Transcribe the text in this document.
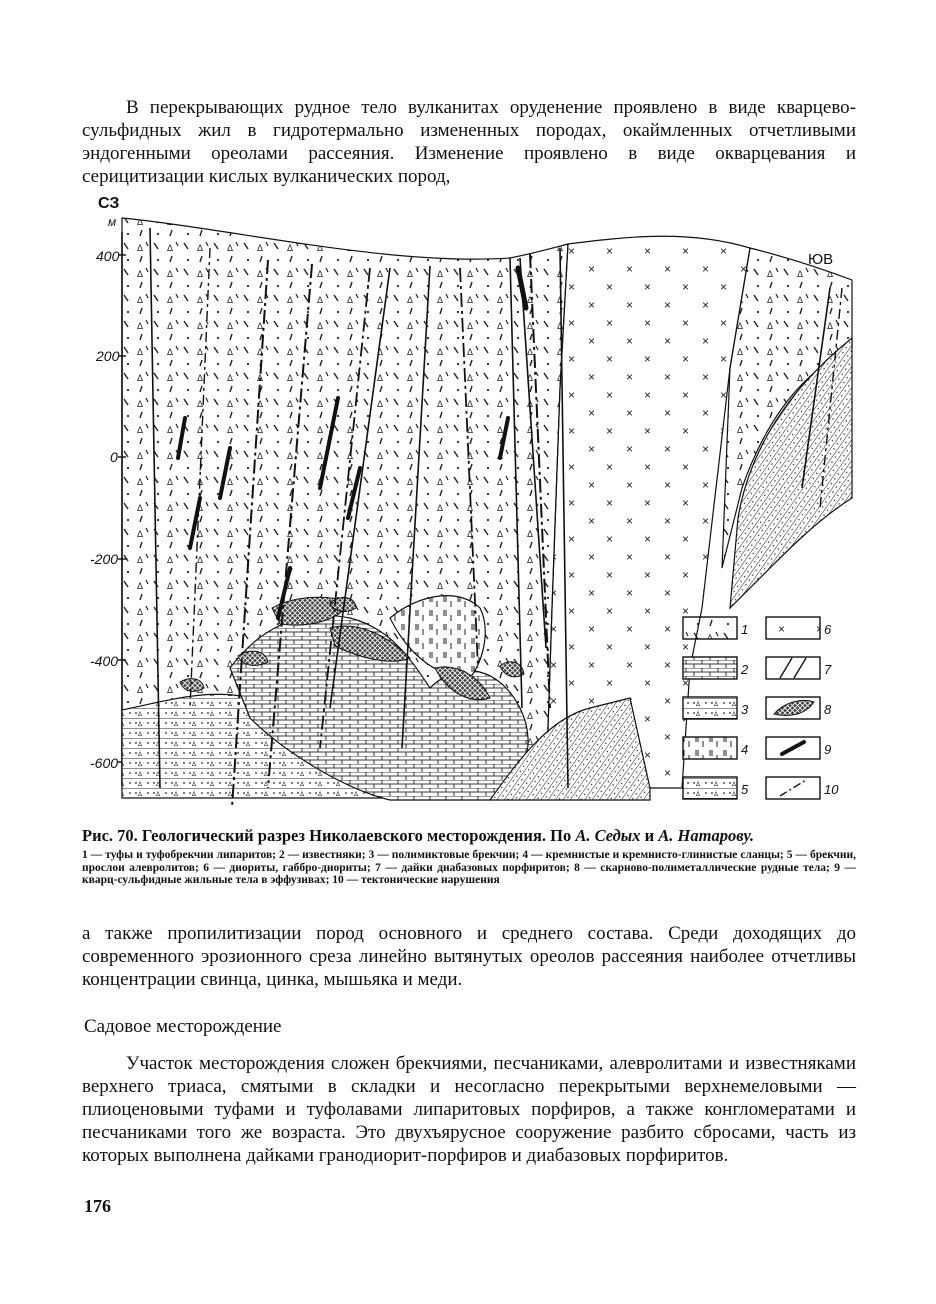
В перекрывающих рудное тело вулканитах оруденение проявлено в виде кварцево-сульфидных жил в гидротермально измененных породах, окаймленных отчетливыми эндогенными ореолами рассеяния. Изменение проявлено в виде окварцевания и серицитизации кислых вулканических пород,

СЗ
ЮВ
м
400
200
0
-200
-400
-600
1
2
3
4
5
6
7
8
9
10

Рис. 70. Геологический разрез Николаевского месторождения. По А. Седых и А. Натарову.

1 — туфы и туфобрекчии липаритов; 2 — известняки; 3 — полимиктовые брекчии; 4 — кремнистые и кремнисто-глинистые сланцы; 5 — брекчии, прослои алевролитов; 6 — диориты, габбро-диориты; 7 — дайки диабазовых порфиритов; 8 — скарново-полиметаллические рудные тела; 9 — кварц-сульфидные жильные тела в эффузивах; 10 — тектонические нарушения

а также пропилитизации пород основного и среднего состава. Среди доходящих до современного эрозионного среза линейно вытянутых ореолов рассеяния наиболее отчетливы концентрации свинца, цинка, мышьяка и меди.

Садовое месторождение

Участок месторождения сложен брекчиями, песчаниками, алевролитами и известняками верхнего триаса, смятыми в складки и несогласно перекрытыми верхнемеловыми — плиоценовыми туфами и туфолавами липаритовых порфиров, а также конгломератами и песчаниками того же возраста. Это двухъярусное сооружение разбито сбросами, часть из которых выполнена дайками гранодиорит-порфиров и диабазовых порфиритов.

176
